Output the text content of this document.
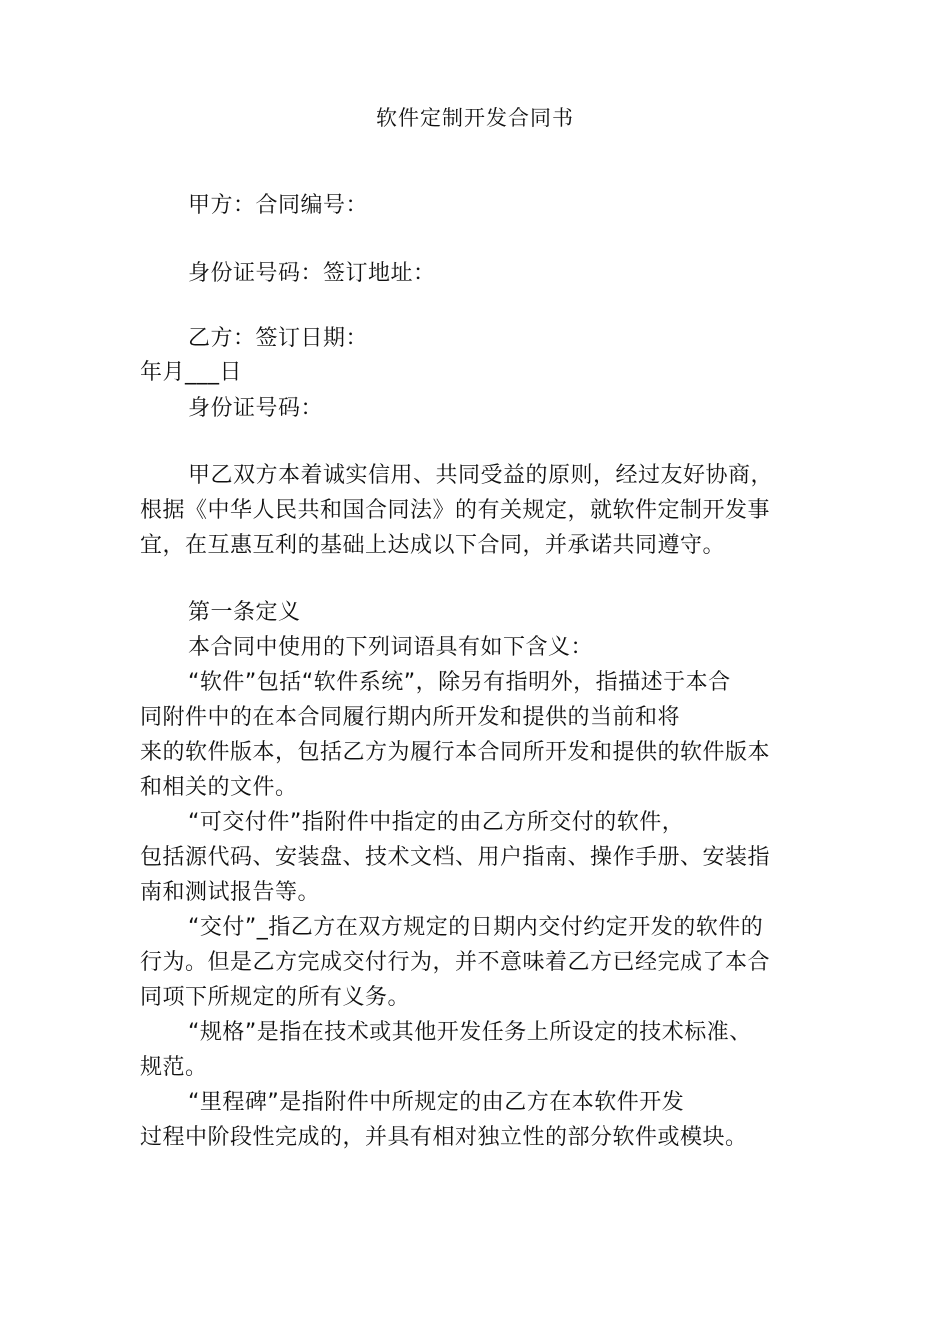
软件定制开发合同书
甲方：合同编号：
身份证号码：签订地址：
乙方：签订日期：
年月___日
身份证号码：
甲乙双方本着诚实信用、共同受益的原则，经过友好协商，
根据《中华人民共和国合同法》的有关规定，就软件定制开发事
宜，在互惠互利的基础上达成以下合同，并承诺共同遵守。
第一条定义
本合同中使用的下列词语具有如下含义：
“软件”包括“软件系统”，除另有指明外，指描述于本合
同附件中的在本合同履行期内所开发和提供的当前和将
来的软件版本，包括乙方为履行本合同所开发和提供的软件版本
和相关的文件。
“可交付件”指附件中指定的由乙方所交付的软件，
包括源代码、安装盘、技术文档、用户指南、操作手册、安装指
南和测试报告等。
“交付”_指乙方在双方规定的日期内交付约定开发的软件的
行为。但是乙方完成交付行为，并不意味着乙方已经完成了本合
同项下所规定的所有义务。
“规格”是指在技术或其他开发任务上所设定的技术标准、
规范。
“里程碑”是指附件中所规定的由乙方在本软件开发
过程中阶段性完成的，并具有相对独立性的部分软件或模块。
